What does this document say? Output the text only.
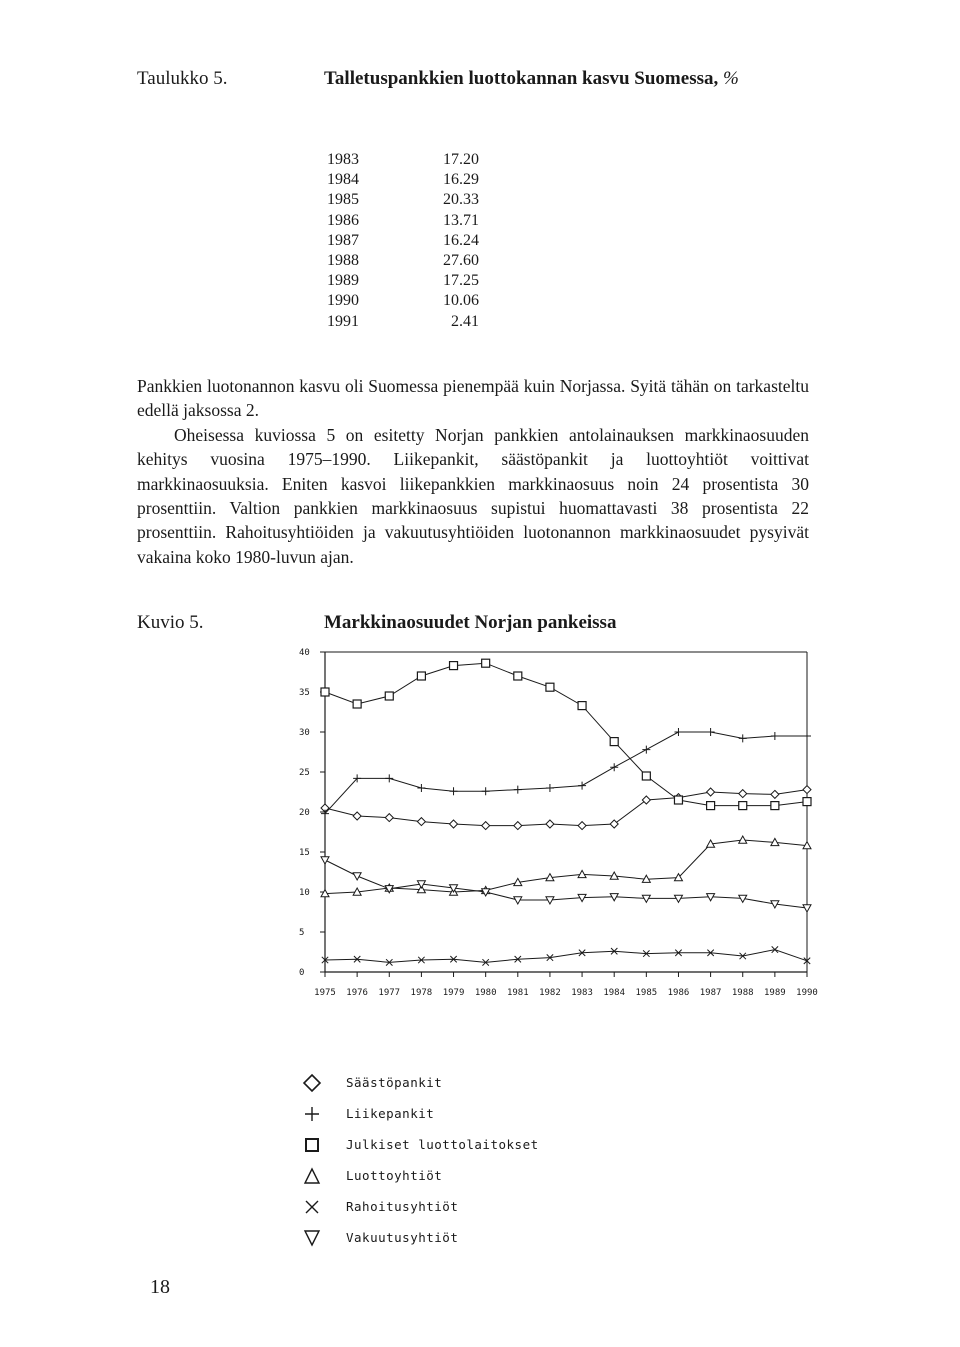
Taulukko 5.	Talletuspankkien luottokannan kasvu Suomessa, %
1983	17.20
1984	16.29
1985	20.33
1986	13.71
1987	16.24
1988	27.60
1989	17.25
1990	10.06
1991	2.41

Pankkien luotonannon kasvu oli Suomessa pienempää kuin Norjassa. Syitä tähän on tarkasteltu edellä jaksossa 2.

Oheisessa kuviossa 5 on esitetty Norjan pankkien antolainauksen markkinaosuuden kehitys vuosina 1975–1990. Liikepankit, säästöpankit ja luottoyhtiöt voittivat markkinaosuuksia. Eniten kasvoi liikepankkien markkinaosuus noin 24 prosentista 30 prosenttiin. Valtion pankkien markkinaosuus supistui huomattavasti 38 prosentista 22 prosenttiin. Rahoitusyhtiöiden ja vakuutusyhtiöiden luotonannon markkinaosuudet pysyivät vakaina koko 1980-luvun ajan.

Kuvio 5.	Markkinaosuudet Norjan pankeissa
0
5
10
15
20
25
30
35
40
1975 1976 1977 1978 1979 1980 1981 1982 1983 1984 1985 1986 1987 1988 1989 1990
Säästöpankit
Liikepankit
Julkiset luottolaitokset
Luottoyhtiöt
Rahoitusyhtiöt
Vakuutusyhtiöt
18
